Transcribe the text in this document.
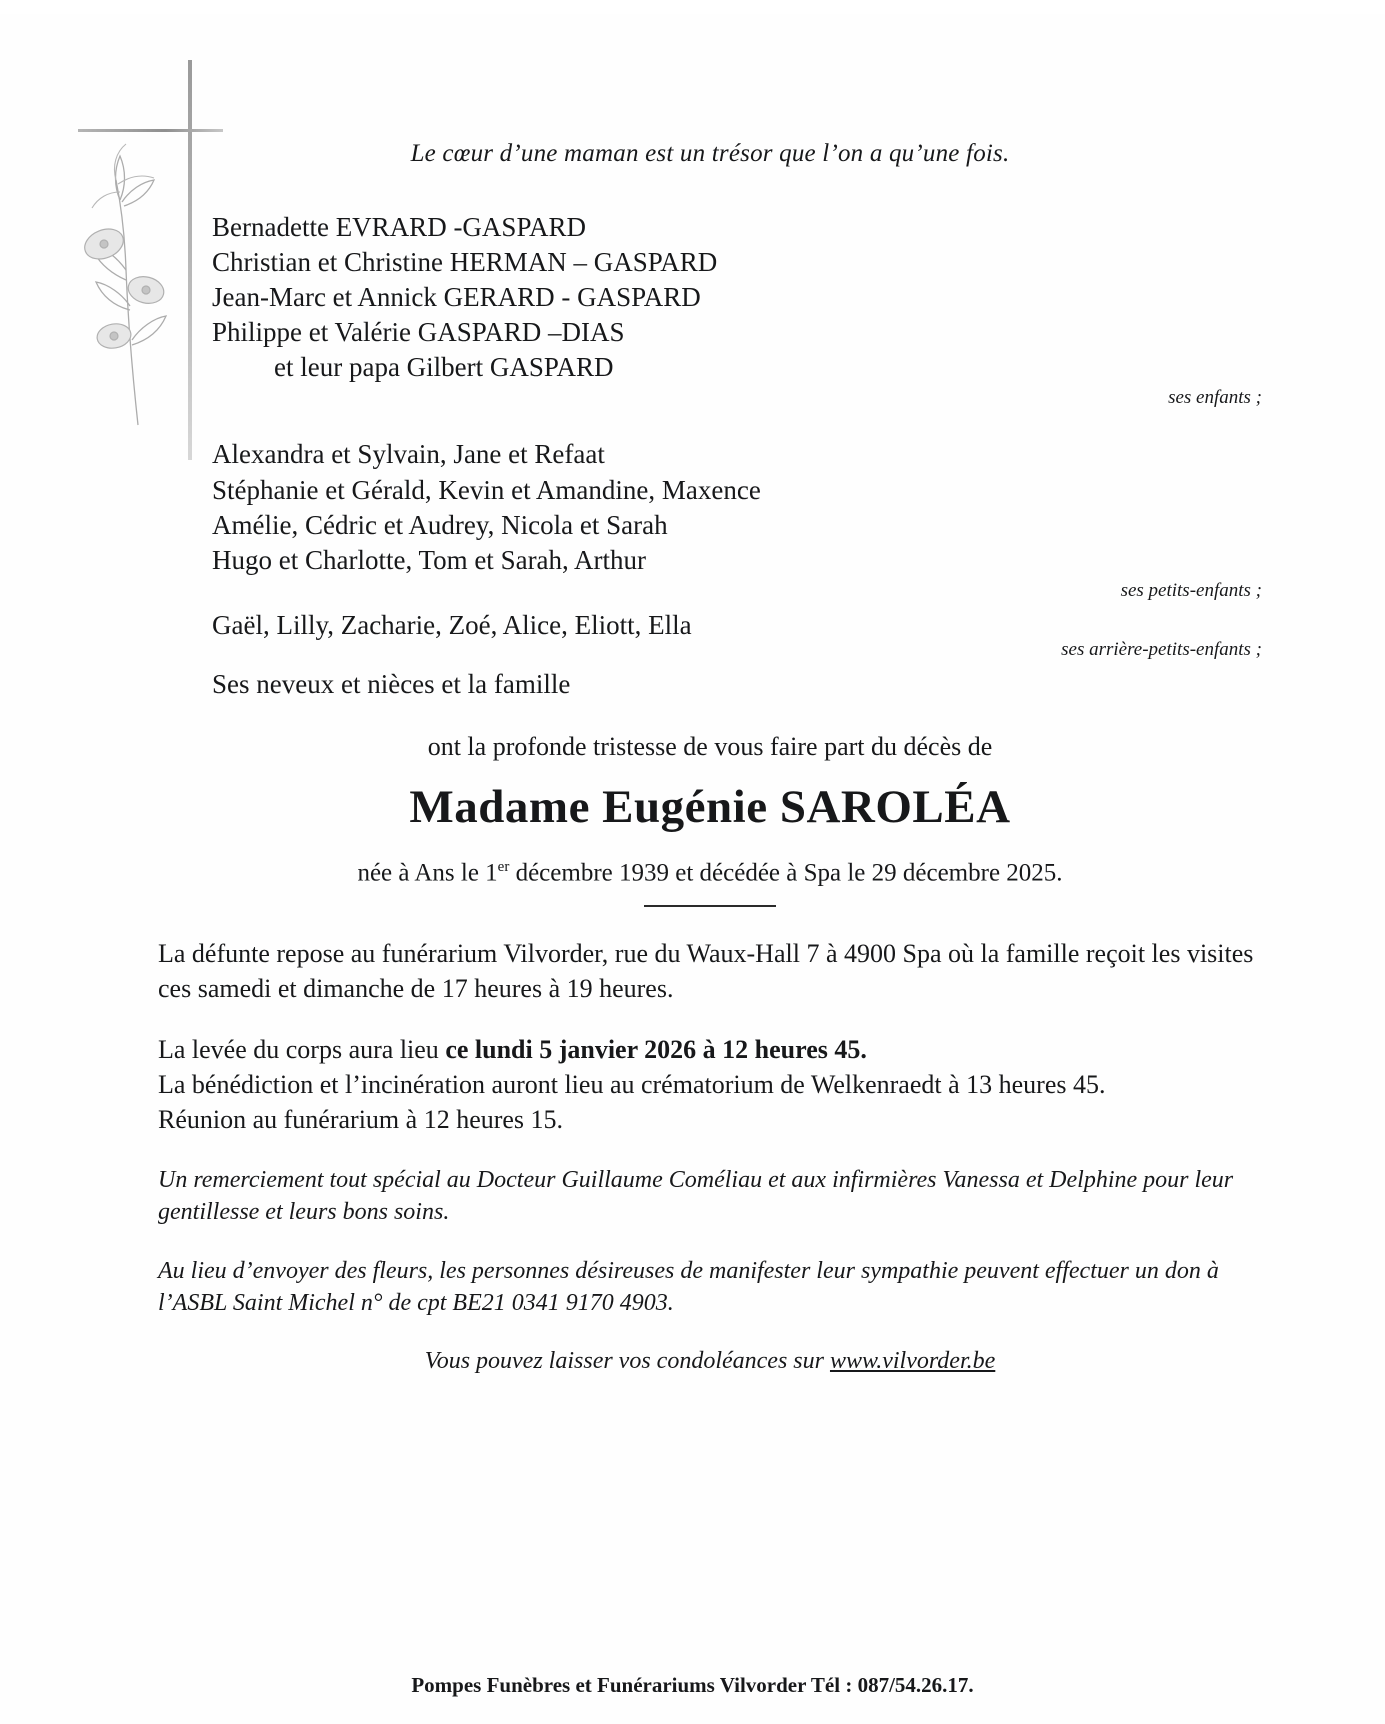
Le cœur d’une maman est un trésor que l’on a qu’une fois.

Bernadette EVRARD -GASPARD
Christian et Christine HERMAN – GASPARD
Jean-Marc et Annick GERARD - GASPARD
Philippe et Valérie GASPARD –DIAS
et leur papa Gilbert GASPARD
ses enfants ;
Alexandra et Sylvain, Jane et Refaat
Stéphanie et Gérald, Kevin et Amandine, Maxence
Amélie, Cédric et Audrey, Nicola et Sarah
Hugo et Charlotte, Tom et Sarah, Arthur
ses petits-enfants ;
Gaël, Lilly, Zacharie, Zoé, Alice, Eliott, Ella
ses arrière-petits-enfants ;
Ses neveux et nièces et la famille

ont la profonde tristesse de vous faire part du décès de

Madame Eugénie SAROLÉA

née à Ans le 1er décembre 1939 et décédée à Spa le 29 décembre 2025.

La défunte repose au funérarium Vilvorder, rue du Waux-Hall 7 à 4900 Spa où la famille reçoit les visites ces samedi et dimanche de 17 heures à 19 heures.

La levée du corps aura lieu ce lundi 5 janvier 2026 à 12 heures 45.
La bénédiction et l’incinération auront lieu au crématorium de Welkenraedt à 13 heures 45.
Réunion au funérarium à 12 heures 15.

Un remerciement tout spécial au Docteur Guillaume Coméliau et aux infirmières Vanessa et Delphine pour leur gentillesse et leurs bons soins.

Au lieu d’envoyer des fleurs, les personnes désireuses de manifester leur sympathie peuvent effectuer un don à l’ASBL Saint Michel n° de cpt BE21 0341 9170 4903.

Vous pouvez laisser vos condoléances sur www.vilvorder.be

Pompes Funèbres et Funérariums Vilvorder Tél : 087/54.26.17.
